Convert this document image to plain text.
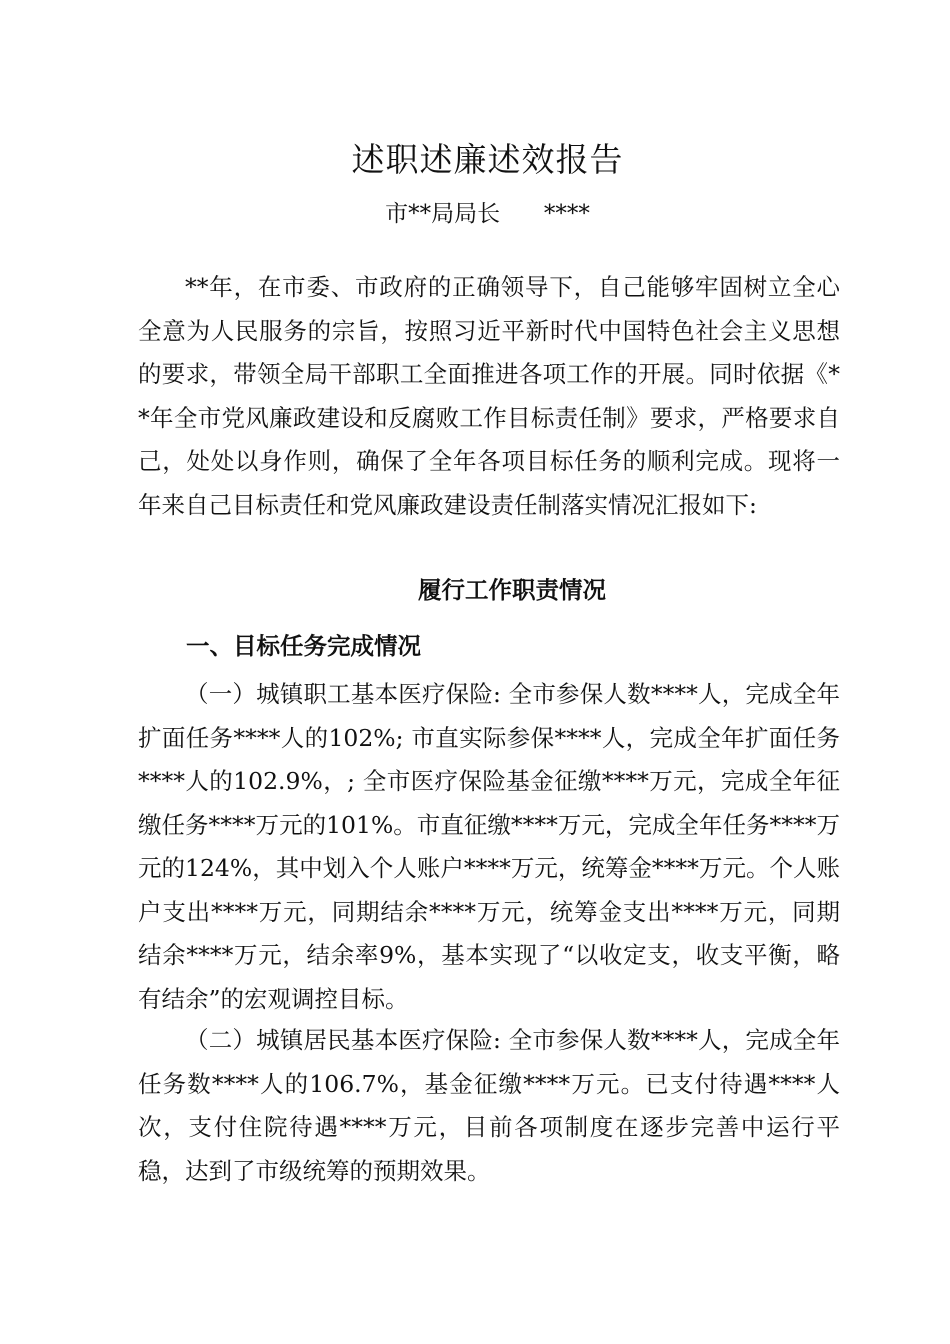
述职述廉述效报告
市**局局长      ****

**年，在市委、市政府的正确领导下，自己能够牢固树立全心全意为人民服务的宗旨，按照习近平新时代中国特色社会主义思想的要求，带领全局干部职工全面推进各项工作的开展。同时依据《**年全市党风廉政建设和反腐败工作目标责任制》要求，严格要求自己，处处以身作则，确保了全年各项目标任务的顺利完成。现将一年来自己目标责任和党风廉政建设责任制落实情况汇报如下:

履行工作职责情况
一、目标任务完成情况

（一）城镇职工基本医疗保险: 全市参保人数****人，完成全年扩面任务****人的102%; 市直实际参保****人，完成全年扩面任务****人的102.9%，; 全市医疗保险基金征缴****万元，完成全年征缴任务****万元的101%。市直征缴****万元，完成全年任务****万元的124%，其中划入个人账户****万元，统筹金****万元。个人账户支出****万元，同期结余****万元，统筹金支出****万元，同期结余****万元，结余率9%，基本实现了“以收定支，收支平衡，略有结余”的宏观调控目标。

（二）城镇居民基本医疗保险: 全市参保人数****人，完成全年任务数****人的106.7%，基金征缴****万元。已支付待遇****人次，支付住院待遇****万元，目前各项制度在逐步完善中运行平稳，达到了市级统筹的预期效果。
